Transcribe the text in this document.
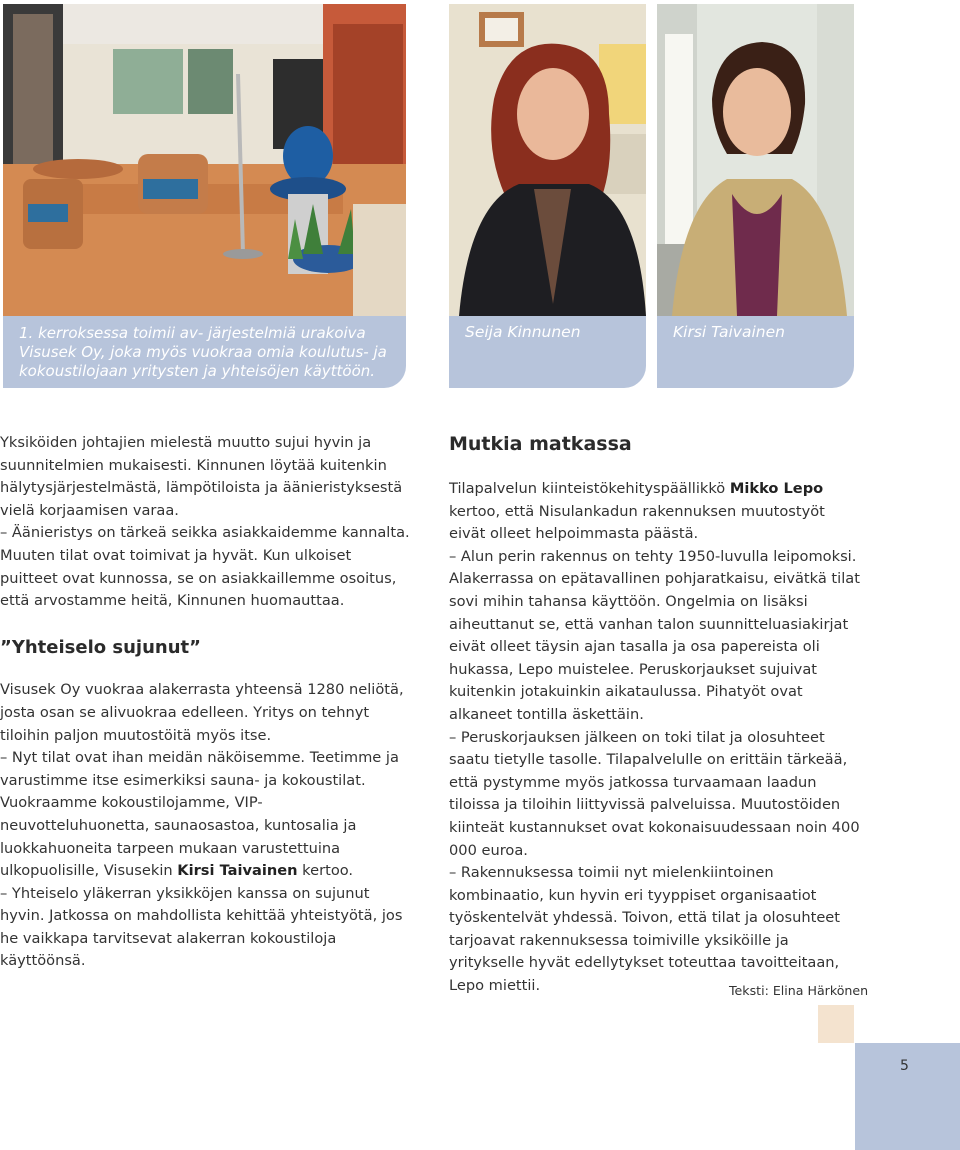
1. kerroksessa toimii av- järjestelmiä urakoiva
Visusek Oy, joka myös vuokraa omia koulutus- ja
kokoustilojaan yritysten ja yhteisöjen käyttöön.
Seija Kinnunen	Kirsi Taivainen

Yksiköiden johtajien mielestä muutto sujui hyvin ja suunnitelmien mukaisesti. Kinnunen löytää kuitenkin hälytysjärjestelmästä, lämpötiloista ja äänieristyksestä vielä korjaamisen varaa.

– Äänieristys on tärkeä seikka asiakkaidemme kannalta. Muuten tilat ovat toimivat ja hyvät. Kun ulkoiset puitteet ovat kunnossa, se on asiakkaillemme osoitus, että arvostamme heitä, Kinnunen huomauttaa.

”Yhteiselo sujunut”

Visusek Oy vuokraa alakerrasta yhteensä 1280 neliötä, josta osan se alivuokraa edelleen. Yritys on tehnyt tiloihin paljon muutostöitä myös itse.

– Nyt tilat ovat ihan meidän näköisemme. Teetimme ja varustimme itse esimerkiksi sauna- ja kokoustilat.

Vuokraamme kokoustilojamme, VIP-neuvotteluhuonetta, saunaosastoa, kuntosalia ja luokkahuoneita tarpeen mukaan varustettuina ulkopuolisille, Visusekin Kirsi Taivainen kertoo.

– Yhteiselo yläkerran yksikköjen kanssa on sujunut hyvin. Jatkossa on mahdollista kehittää yhteistyötä, jos he vaikkapa tarvitsevat alakerran kokoustiloja käyttöönsä.

Mutkia matkassa

Tilapalvelun kiinteistökehityspäällikkö Mikko Lepo kertoo, että Nisulankadun rakennuksen muutostyöt eivät olleet helpoimmasta päästä.

– Alun perin rakennus on tehty 1950-luvulla leipomoksi. Alakerrassa on epätavallinen pohjaratkaisu, eivätkä tilat sovi mihin tahansa käyttöön. Ongelmia on lisäksi aiheuttanut se, että vanhan talon suunnitteluasiakirjat eivät olleet täysin ajan tasalla ja osa papereista oli hukassa, Lepo muistelee. Peruskorjaukset sujuivat kuitenkin jotakuinkin aikataulussa. Pihatyöt ovat alkaneet tontilla äskettäin.

– Peruskorjauksen jälkeen on toki tilat ja olosuhteet saatu tietylle tasolle. Tilapalvelulle on erittäin tärkeää, että pystymme myös jatkossa turvaamaan laadun tiloissa ja tiloihin liittyvissä palveluissa. Muutostöiden kiinteät kustannukset ovat kokonaisuudessaan noin 400 000 euroa.

– Rakennuksessa toimii nyt mielenkiintoinen kombinaatio, kun hyvin eri tyyppiset organisaatiot työskentelvät yhdessä. Toivon, että tilat ja olosuhteet tarjoavat rakennuksessa toimiville yksiköille ja yritykselle hyvät edellytykset toteuttaa tavoitteitaan, Lepo miettii.	Teksti: Elina Härkönen
5
